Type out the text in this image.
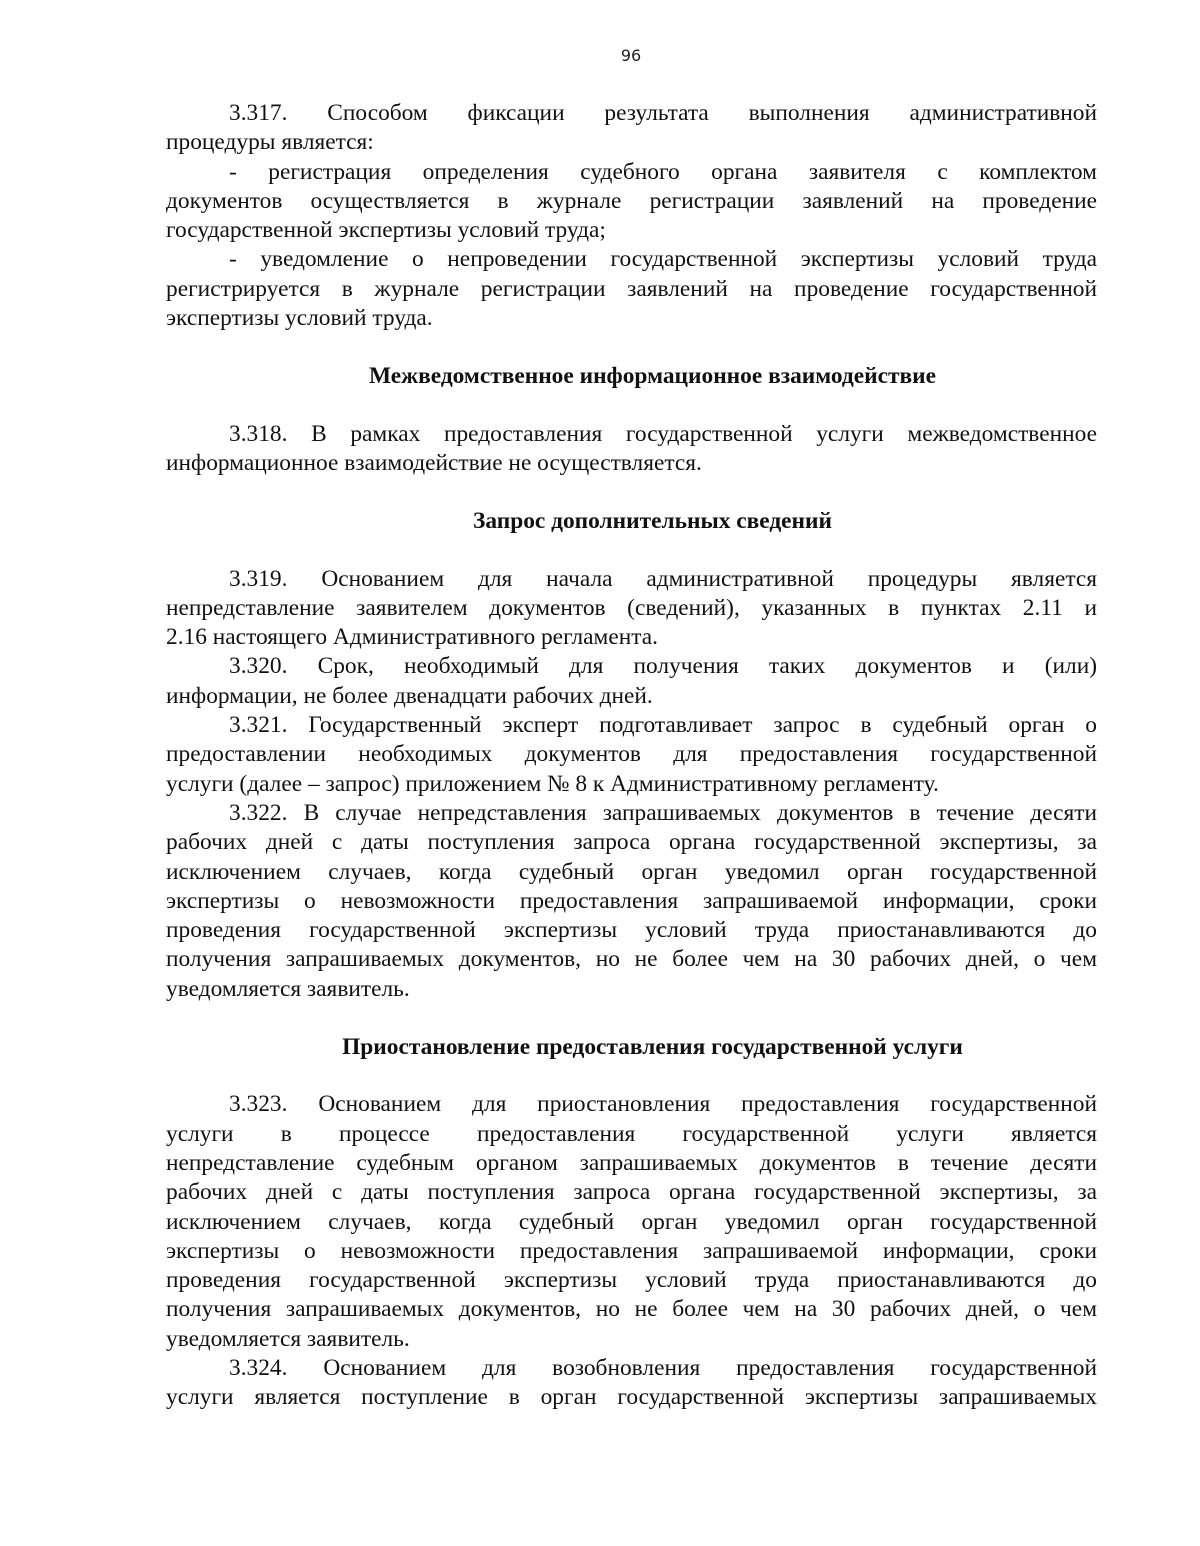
96
3.317. Способом фиксации результата выполнения административной
процедуры является:
- регистрация определения судебного органа заявителя с комплектом
документов осуществляется в журнале регистрации заявлений на проведение
государственной экспертизы условий труда;
- уведомление о непроведении государственной экспертизы условий труда
регистрируется в журнале регистрации заявлений на проведение государственной
экспертизы условий труда.
Межведомственное информационное взаимодействие
3.318. В рамках предоставления государственной услуги межведомственное
информационное взаимодействие не осуществляется.
Запрос дополнительных сведений
3.319. Основанием для начала административной процедуры является
непредставление заявителем документов (сведений), указанных в пунктах 2.11 и
2.16 настоящего Административного регламента.
3.320. Срок, необходимый для получения таких документов и (или)
информации, не более двенадцати рабочих дней.
3.321. Государственный эксперт подготавливает запрос в судебный орган о
предоставлении необходимых документов для предоставления государственной
услуги (далее – запрос) приложением № 8 к Административному регламенту.
3.322. В случае непредставления запрашиваемых документов в течение десяти
рабочих дней с даты поступления запроса органа государственной экспертизы, за
исключением случаев, когда судебный орган уведомил орган государственной
экспертизы о невозможности предоставления запрашиваемой информации, сроки
проведения государственной экспертизы условий труда приостанавливаются до
получения запрашиваемых документов, но не более чем на 30 рабочих дней, о чем
уведомляется заявитель.
Приостановление предоставления государственной услуги
3.323. Основанием для приостановления предоставления государственной
услуги в процессе предоставления государственной услуги является
непредставление судебным органом запрашиваемых документов в течение десяти
рабочих дней с даты поступления запроса органа государственной экспертизы, за
исключением случаев, когда судебный орган уведомил орган государственной
экспертизы о невозможности предоставления запрашиваемой информации, сроки
проведения государственной экспертизы условий труда приостанавливаются до
получения запрашиваемых документов, но не более чем на 30 рабочих дней, о чем
уведомляется заявитель.
3.324. Основанием для возобновления предоставления государственной
услуги является поступление в орган государственной экспертизы запрашиваемых
